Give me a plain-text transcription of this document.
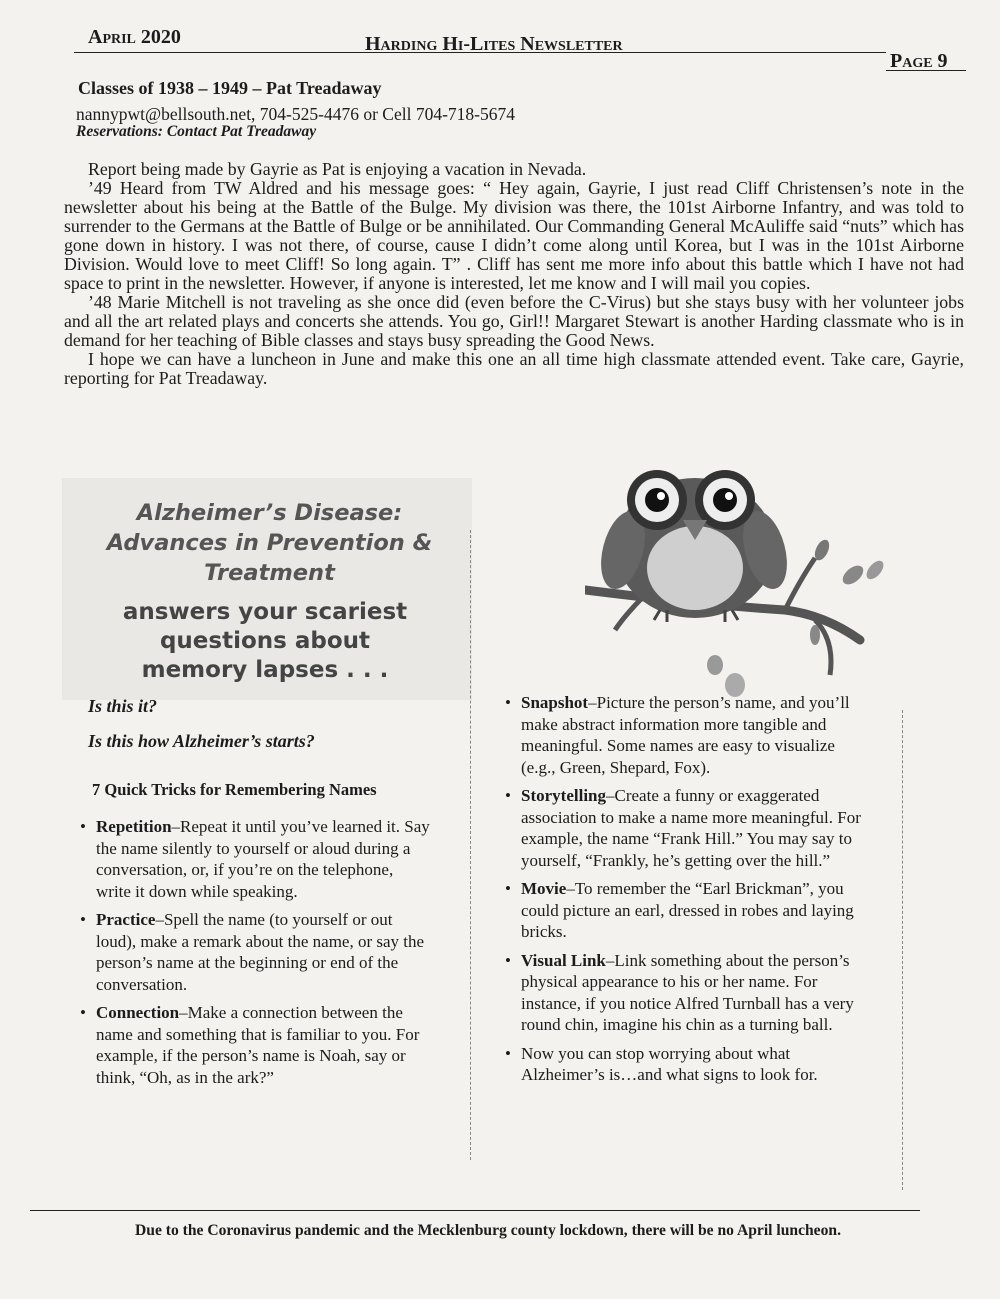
April 2020	Harding Hi-Lites Newsletter
Page 9
Classes of 1938 – 1949 – Pat Treadaway
nannypwt@bellsouth.net, 704-525-4476 or Cell 704-718-5674
Reservations: Contact Pat Treadaway

Report being made by Gayrie as Pat is enjoying a vacation in Nevada.

’49 Heard from TW Aldred and his message goes: “ Hey again, Gayrie, I just read Cliff Christensen’s note in the newsletter about his being at the Battle of the Bulge. My division was there, the 101st Airborne Infantry, and was told to surrender to the Germans at the Battle of Bulge or be annihilated. Our Commanding General McAuliffe said “nuts” which has gone down in history. I was not there, of course, cause I didn’t come along until Korea, but I was in the 101st Airborne Division. Would love to meet Cliff! So long again. T” . Cliff has sent me more info about this battle which I have not had space to print in the newsletter. However, if anyone is interested, let me know and I will mail you copies.

’48 Marie Mitchell is not traveling as she once did (even before the C-Virus) but she stays busy with her volunteer jobs and all the art related plays and concerts she attends. You go, Girl!! Margaret Stewart is another Harding classmate who is in demand for her teaching of Bible classes and stays busy spreading the Good News.

I hope we can have a luncheon in June and make this one an all time high classmate attended event. Take care, Gayrie, reporting for Pat Treadaway.

Alzheimer’s Disease:
Advances in Prevention &
Treatment
answers your scariest
questions about
memory lapses . . .
Is this it?
Is this how Alzheimer’s starts?
7 Quick Tricks for Remembering Names
• Repetition–Repeat it until you’ve learned it. Say the name silently to yourself or aloud during a conversation, or, if you’re on the telephone, write it down while speaking.
• Practice–Spell the name (to yourself or out loud), make a remark about the name, or say the person’s name at the beginning or end of the conversation.
• Connection–Make a connection between the name and something that is familiar to you. For example, if the person’s name is Noah, say or think, “Oh, as in the ark?”
• Snapshot–Picture the person’s name, and you’ll make abstract information more tangible and meaningful. Some names are easy to visualize (e.g., Green, Shepard, Fox).
• Storytelling–Create a funny or exaggerated association to make a name more meaningful. For example, the name “Frank Hill.” You may say to yourself, “Frankly, he’s getting over the hill.”
• Movie–To remember the “Earl Brickman”, you could picture an earl, dressed in robes and laying bricks.
• Visual Link–Link something about the person’s physical appearance to his or her name. For instance, if you notice Alfred Turnball has a very round chin, imagine his chin as a turning ball.
• Now you can stop worrying about what Alzheimer’s is…and what signs to look for.
Due to the Coronavirus pandemic and the Mecklenburg county lockdown, there will be no April luncheon.
